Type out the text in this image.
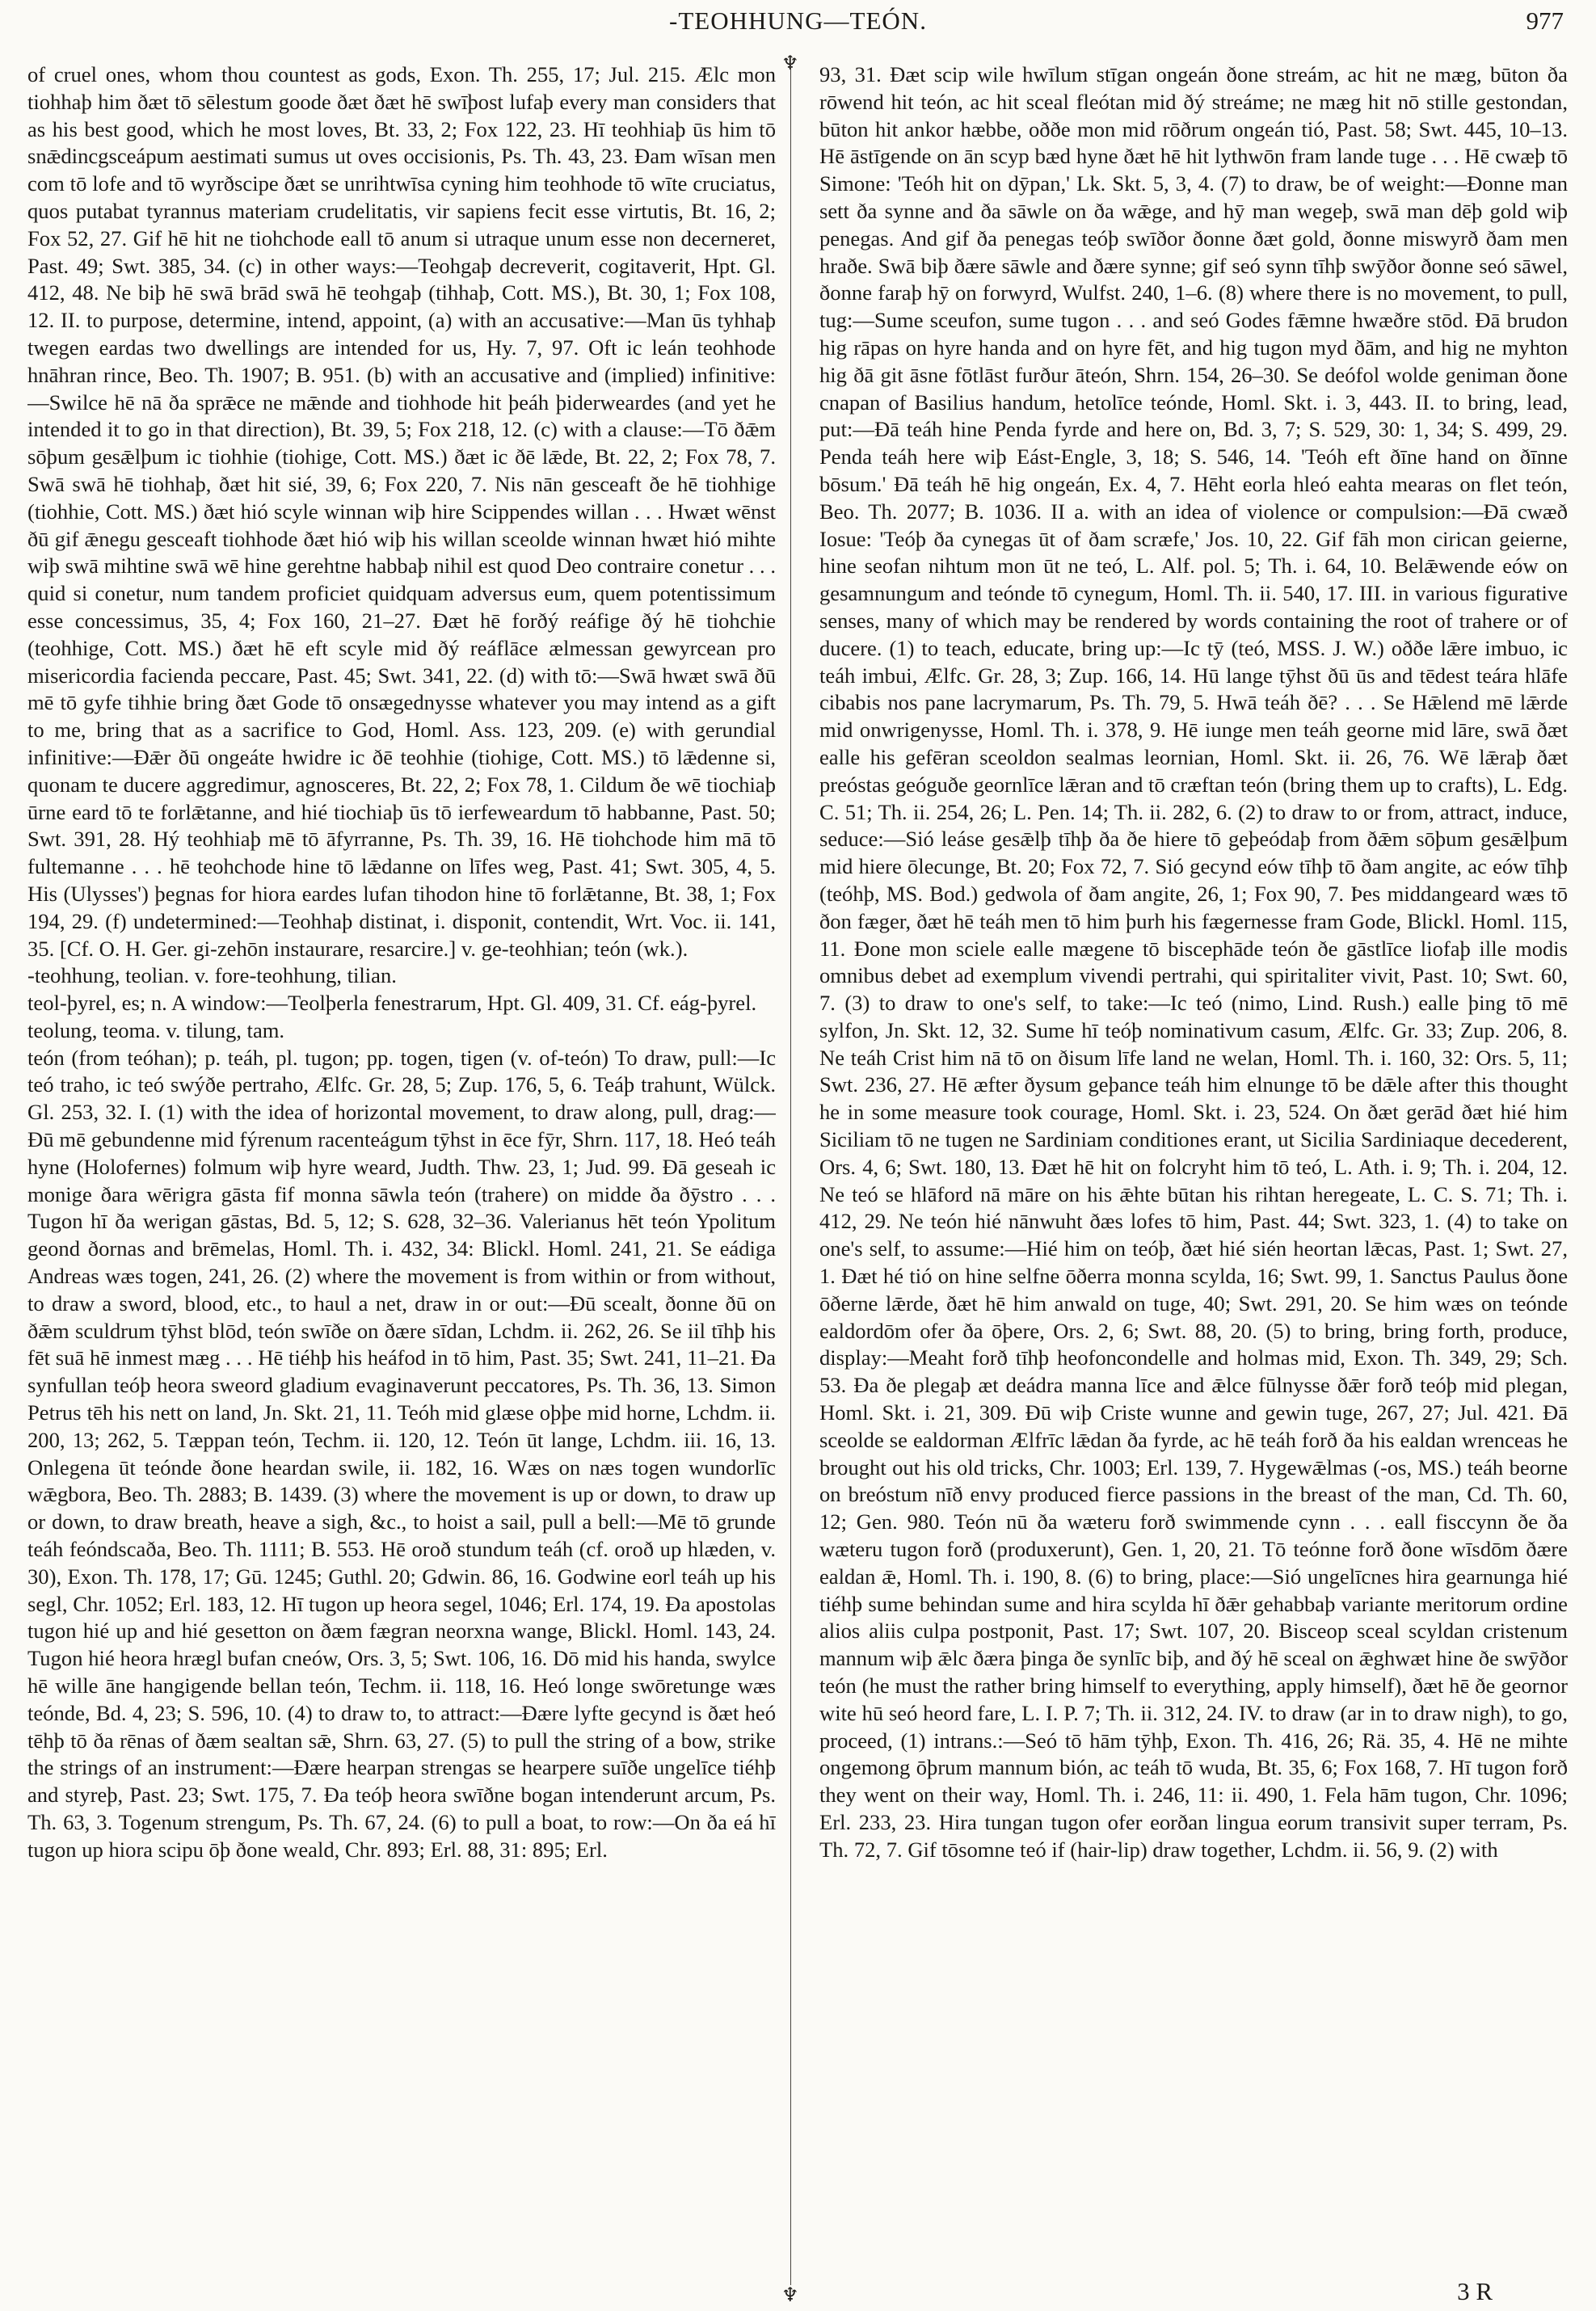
-TEOHHUNG—TEÓN.	977
♆
♆

of cruel ones, whom thou countest as gods, Exon. Th. 255, 17; Jul. 215. Ælc mon tiohhaþ him ðæt tō sēlestum goode ðæt ðæt hē swīþost lufaþ every man considers that as his best good, which he most loves, Bt. 33, 2; Fox 122, 23. Hī teohhiaþ ūs him tō snǣdincgsceápum aestimati sumus ut oves occisionis, Ps. Th. 43, 23. Ðam wīsan men com tō lofe and tō wyrðscipe ðæt se unrihtwīsa cyning him teohhode tō wīte cruciatus, quos putabat tyrannus materiam crudelitatis, vir sapiens fecit esse virtutis, Bt. 16, 2; Fox 52, 27. Gif hē hit ne tiohchode eall tō anum si utraque unum esse non decerneret, Past. 49; Swt. 385, 34. (c) in other ways:—Teohgaþ decreverit, cogitaverit, Hpt. Gl. 412, 48. Ne biþ hē swā brād swā hē teohgaþ (tihhaþ, Cott. MS.), Bt. 30, 1; Fox 108, 12. II. to purpose, determine, intend, appoint, (a) with an accusative:—Man ūs tyhhaþ twegen eardas two dwellings are intended for us, Hy. 7, 97. Oft ic leán teohhode hnāhran rince, Beo. Th. 1907; B. 951. (b) with an accusative and (implied) infinitive:—Swilce hē nā ða sprǣce ne mǣnde and tiohhode hit þeáh þiderweardes (and yet he intended it to go in that direction), Bt. 39, 5; Fox 218, 12. (c) with a clause:—Tō ðǣm sōþum gesǣlþum ic tiohhie (tiohige, Cott. MS.) ðæt ic ðē lǣde, Bt. 22, 2; Fox 78, 7. Swā swā hē tiohhaþ, ðæt hit sié, 39, 6; Fox 220, 7. Nis nān gesceaft ðe hē tiohhige (tiohhie, Cott. MS.) ðæt hió scyle winnan wiþ hire Scippendes willan . . . Hwæt wēnst ðū gif ǣnegu gesceaft tiohhode ðæt hió wiþ his willan sceolde winnan hwæt hió mihte wiþ swā mihtine swā wē hine gerehtne habbaþ nihil est quod Deo contraire conetur . . . quid si conetur, num tandem proficiet quidquam adversus eum, quem potentissimum esse concessimus, 35, 4; Fox 160, 21–27. Ðæt hē forðý reáfige ðý hē tiohchie (teohhige, Cott. MS.) ðæt hē eft scyle mid ðý reáflāce ælmessan gewyrcean pro misericordia facienda peccare, Past. 45; Swt. 341, 22. (d) with tō:—Swā hwæt swā ðū mē tō gyfe tihhie bring ðæt Gode tō onsægednysse whatever you may intend as a gift to me, bring that as a sacrifice to God, Homl. Ass. 123, 209. (e) with gerundial infinitive:—Ðǣr ðū ongeáte hwidre ic ðē teohhie (tiohige, Cott. MS.) tō lǣdenne si, quonam te ducere aggredimur, agnosceres, Bt. 22, 2; Fox 78, 1. Cildum ðe wē tiochiaþ ūrne eard tō te forlǣtanne, and hié tiochiaþ ūs tō ierfeweardum tō habbanne, Past. 50; Swt. 391, 28. Hý teohhiaþ mē tō āfyrranne, Ps. Th. 39, 16. Hē tiohchode him mā tō fultemanne . . . hē teohchode hine tō lǣdanne on līfes weg, Past. 41; Swt. 305, 4, 5. His (Ulysses') þegnas for hiora eardes lufan tihodon hine tō forlǣtanne, Bt. 38, 1; Fox 194, 29. (f) undetermined:—Teohhaþ distinat, i. disponit, contendit, Wrt. Voc. ii. 141, 35. [Cf. O. H. Ger. gi-zehōn instaurare, resarcire.] v. ge-teohhian; teón (wk.).

-teohhung, teolian. v. fore-teohhung, tilian.

teol-þyrel, es; n. A window:—Teolþerla fenestrarum, Hpt. Gl. 409, 31. Cf. eág-þyrel.

teolung, teoma. v. tilung, tam.

teón (from teóhan); p. teáh, pl. tugon; pp. togen, tigen (v. of-teón) To draw, pull:—Ic teó traho, ic teó swýðe pertraho, Ælfc. Gr. 28, 5; Zup. 176, 5, 6. Teáþ trahunt, Wülck. Gl. 253, 32. I. (1) with the idea of horizontal movement, to draw along, pull, drag:—Ðū mē gebundenne mid fýrenum racenteágum tȳhst in ēce fȳr, Shrn. 117, 18. Heó teáh hyne (Holofernes) folmum wiþ hyre weard, Judth. Thw. 23, 1; Jud. 99. Ðā geseah ic monige ðara wērigra gāsta fif monna sāwla teón (trahere) on midde ða ðȳstro . . . Tugon hī ða werigan gāstas, Bd. 5, 12; S. 628, 32–36. Valerianus hēt teón Ypolitum geond ðornas and brēmelas, Homl. Th. i. 432, 34: Blickl. Homl. 241, 21. Se eádiga Andreas wæs togen, 241, 26. (2) where the movement is from within or from without, to draw a sword, blood, etc., to haul a net, draw in or out:—Ðū scealt, ðonne ðū on ðǣm sculdrum tȳhst blōd, teón swīðe on ðære sīdan, Lchdm. ii. 262, 26. Se iil tīhþ his fēt suā hē inmest mæg . . . Hē tiéhþ his heáfod in tō him, Past. 35; Swt. 241, 11–21. Ða synfullan teóþ heora sweord gladium evaginaverunt peccatores, Ps. Th. 36, 13. Simon Petrus tēh his nett on land, Jn. Skt. 21, 11. Teóh mid glæse oþþe mid horne, Lchdm. ii. 200, 13; 262, 5. Tæppan teón, Techm. ii. 120, 12. Teón ūt lange, Lchdm. iii. 16, 13. Onlegena ūt teónde ðone heardan swile, ii. 182, 16. Wæs on næs togen wundorlīc wǣgbora, Beo. Th. 2883; B. 1439. (3) where the movement is up or down, to draw up or down, to draw breath, heave a sigh, &c., to hoist a sail, pull a bell:—Mē tō grunde teáh feóndscaða, Beo. Th. 1111; B. 553. Hē oroð stundum teáh (cf. oroð up hlæden, v. 30), Exon. Th. 178, 17; Gū. 1245; Guthl. 20; Gdwin. 86, 16. Godwine eorl teáh up his segl, Chr. 1052; Erl. 183, 12. Hī tugon up heora segel, 1046; Erl. 174, 19. Ða apostolas tugon hié up and hié gesetton on ðæm fægran neorxna wange, Blickl. Homl. 143, 24. Tugon hié heora hrægl bufan cneów, Ors. 3, 5; Swt. 106, 16. Dō mid his handa, swylce hē wille āne hangigende bellan teón, Techm. ii. 118, 16. Heó longe swōretunge wæs teónde, Bd. 4, 23; S. 596, 10. (4) to draw to, to attract:—Ðære lyfte gecynd is ðæt heó tēhþ tō ða rēnas of ðæm sealtan sǣ, Shrn. 63, 27. (5) to pull the string of a bow, strike the strings of an instrument:—Ðære hearpan strengas se hearpere suīðe ungelīce tiéhþ and styreþ, Past. 23; Swt. 175, 7. Ða teóþ heora swīðne bogan intenderunt arcum, Ps. Th. 63, 3. Togenum strengum, Ps. Th. 67, 24. (6) to pull a boat, to row:—On ða eá hī tugon up hiora scipu ōþ ðone weald, Chr. 893; Erl. 88, 31: 895; Erl.

93, 31. Ðæt scip wile hwīlum stīgan ongeán ðone streám, ac hit ne mæg, būton ða rōwend hit teón, ac hit sceal fleótan mid ðý streáme; ne mæg hit nō stille gestondan, būton hit ankor hæbbe, oððe mon mid rōðrum ongeán tió, Past. 58; Swt. 445, 10–13. Hē āstīgende on ān scyp bæd hyne ðæt hē hit lythwōn fram lande tuge . . . Hē cwæþ tō Simone: 'Teóh hit on dȳpan,' Lk. Skt. 5, 3, 4. (7) to draw, be of weight:—Ðonne man sett ða synne and ða sāwle on ða wǣge, and hȳ man wegeþ, swā man dēþ gold wiþ penegas. And gif ða penegas teóþ swīðor ðonne ðæt gold, ðonne miswyrð ðam men hraðe. Swā biþ ðære sāwle and ðære synne; gif seó synn tīhþ swȳðor ðonne seó sāwel, ðonne faraþ hȳ on forwyrd, Wulfst. 240, 1–6. (8) where there is no movement, to pull, tug:—Sume sceufon, sume tugon . . . and seó Godes fǣmne hwæðre stōd. Ðā brudon hig rāpas on hyre handa and on hyre fēt, and hig tugon myd ðām, and hig ne myhton hig ðā git āsne fōtlāst furður āteón, Shrn. 154, 26–30. Se deófol wolde geniman ðone cnapan of Basilius handum, hetolīce teónde, Homl. Skt. i. 3, 443. II. to bring, lead, put:—Ðā teáh hine Penda fyrde and here on, Bd. 3, 7; S. 529, 30: 1, 34; S. 499, 29. Penda teáh here wiþ Eást-Engle, 3, 18; S. 546, 14. 'Teóh eft ðīne hand on ðīnne bōsum.' Ðā teáh hē hig ongeán, Ex. 4, 7. Hēht eorla hleó eahta mearas on flet teón, Beo. Th. 2077; B. 1036. II a. with an idea of violence or compulsion:—Ðā cwæð Iosue: 'Teóþ ða cynegas ūt of ðam scræfe,' Jos. 10, 22. Gif fāh mon cirican geierne, hine seofan nihtum mon ūt ne teó, L. Alf. pol. 5; Th. i. 64, 10. Belǣwende eów on gesamnungum and teónde tō cynegum, Homl. Th. ii. 540, 17. III. in various figurative senses, many of which may be rendered by words containing the root of trahere or of ducere. (1) to teach, educate, bring up:—Ic tȳ (teó, MSS. J. W.) oððe lǣre imbuo, ic teáh imbui, Ælfc. Gr. 28, 3; Zup. 166, 14. Hū lange tȳhst ðū ūs and tēdest teára hlāfe cibabis nos pane lacrymarum, Ps. Th. 79, 5. Hwā teáh ðē? . . . Se Hǣlend mē lǣrde mid onwrigenysse, Homl. Th. i. 378, 9. Hē iunge men teáh georne mid lāre, swā ðæt ealle his gefēran sceoldon sealmas leornian, Homl. Skt. ii. 26, 76. Wē lǣraþ ðæt preóstas geóguðe geornlīce lǣran and tō cræftan teón (bring them up to crafts), L. Edg. C. 51; Th. ii. 254, 26; L. Pen. 14; Th. ii. 282, 6. (2) to draw to or from, attract, induce, seduce:—Sió leáse gesǣlþ tīhþ ða ðe hiere tō geþeódaþ from ðǣm sōþum gesǣlþum mid hiere ōlecunge, Bt. 20; Fox 72, 7. Sió gecynd eów tīhþ tō ðam angite, ac eów tīhþ (teóhþ, MS. Bod.) gedwola of ðam angite, 26, 1; Fox 90, 7. Þes middangeard wæs tō ðon fæger, ðæt hē teáh men tō him þurh his fægernesse fram Gode, Blickl. Homl. 115, 11. Ðone mon sciele ealle mægene tō biscephāde teón ðe gāstlīce liofaþ ille modis omnibus debet ad exemplum vivendi pertrahi, qui spiritaliter vivit, Past. 10; Swt. 60, 7. (3) to draw to one's self, to take:—Ic teó (nimo, Lind. Rush.) ealle þing tō mē sylfon, Jn. Skt. 12, 32. Sume hī teóþ nominativum casum, Ælfc. Gr. 33; Zup. 206, 8. Ne teáh Crist him nā tō on ðisum līfe land ne welan, Homl. Th. i. 160, 32: Ors. 5, 11; Swt. 236, 27. Hē æfter ðysum geþance teáh him elnunge tō be dǣle after this thought he in some measure took courage, Homl. Skt. i. 23, 524. On ðæt gerād ðæt hié him Siciliam tō ne tugen ne Sardiniam conditiones erant, ut Sicilia Sardiniaque decederent, Ors. 4, 6; Swt. 180, 13. Ðæt hē hit on folcryht him tō teó, L. Ath. i. 9; Th. i. 204, 12. Ne teó se hlāford nā māre on his ǣhte būtan his rihtan heregeate, L. C. S. 71; Th. i. 412, 29. Ne teón hié nānwuht ðæs lofes tō him, Past. 44; Swt. 323, 1. (4) to take on one's self, to assume:—Hié him on teóþ, ðæt hié sién heortan lǣcas, Past. 1; Swt. 27, 1. Ðæt hé tió on hine selfne ōðerra monna scylda, 16; Swt. 99, 1. Sanctus Paulus ðone ōðerne lǣrde, ðæt hē him anwald on tuge, 40; Swt. 291, 20. Se him wæs on teónde ealdordōm ofer ða ōþere, Ors. 2, 6; Swt. 88, 20. (5) to bring, bring forth, produce, display:—Meaht forð tīhþ heofoncondelle and holmas mid, Exon. Th. 349, 29; Sch. 53. Ða ðe plegaþ æt deádra manna līce and ǣlce fūlnysse ðǣr forð teóþ mid plegan, Homl. Skt. i. 21, 309. Ðū wiþ Criste wunne and gewin tuge, 267, 27; Jul. 421. Ðā sceolde se ealdorman Ælfrīc lǣdan ða fyrde, ac hē teáh forð ða his ealdan wrenceas he brought out his old tricks, Chr. 1003; Erl. 139, 7. Hygewǣlmas (-os, MS.) teáh beorne on breóstum nīð envy produced fierce passions in the breast of the man, Cd. Th. 60, 12; Gen. 980. Teón nū ða wæteru forð swimmende cynn . . . eall fisccynn ðe ða wæteru tugon forð (produxerunt), Gen. 1, 20, 21. Tō teónne forð ðone wīsdōm ðære ealdan ǣ, Homl. Th. i. 190, 8. (6) to bring, place:—Sió ungelīcnes hira gearnunga hié tiéhþ sume behindan sume and hira scylda hī ðǣr gehabbaþ variante meritorum ordine alios aliis culpa postponit, Past. 17; Swt. 107, 20. Bisceop sceal scyldan cristenum mannum wiþ ǣlc ðæra þinga ðe synlīc biþ, and ðý hē sceal on ǣghwæt hine ðe swȳðor teón (he must the rather bring himself to everything, apply himself), ðæt hē ðe geornor wite hū seó heord fare, L. I. P. 7; Th. ii. 312, 24. IV. to draw (ar in to draw nigh), to go, proceed, (1) intrans.:—Seó tō hām tȳhþ, Exon. Th. 416, 26; Rä. 35, 4. Hē ne mihte ongemong ōþrum mannum bión, ac teáh tō wuda, Bt. 35, 6; Fox 168, 7. Hī tugon forð they went on their way, Homl. Th. i. 246, 11: ii. 490, 1. Fela hām tugon, Chr. 1096; Erl. 233, 23. Hira tungan tugon ofer eorðan lingua eorum transivit super terram, Ps. Th. 72, 7. Gif tōsomne teó if (hair-lip) draw together, Lchdm. ii. 56, 9. (2) with

3 R
